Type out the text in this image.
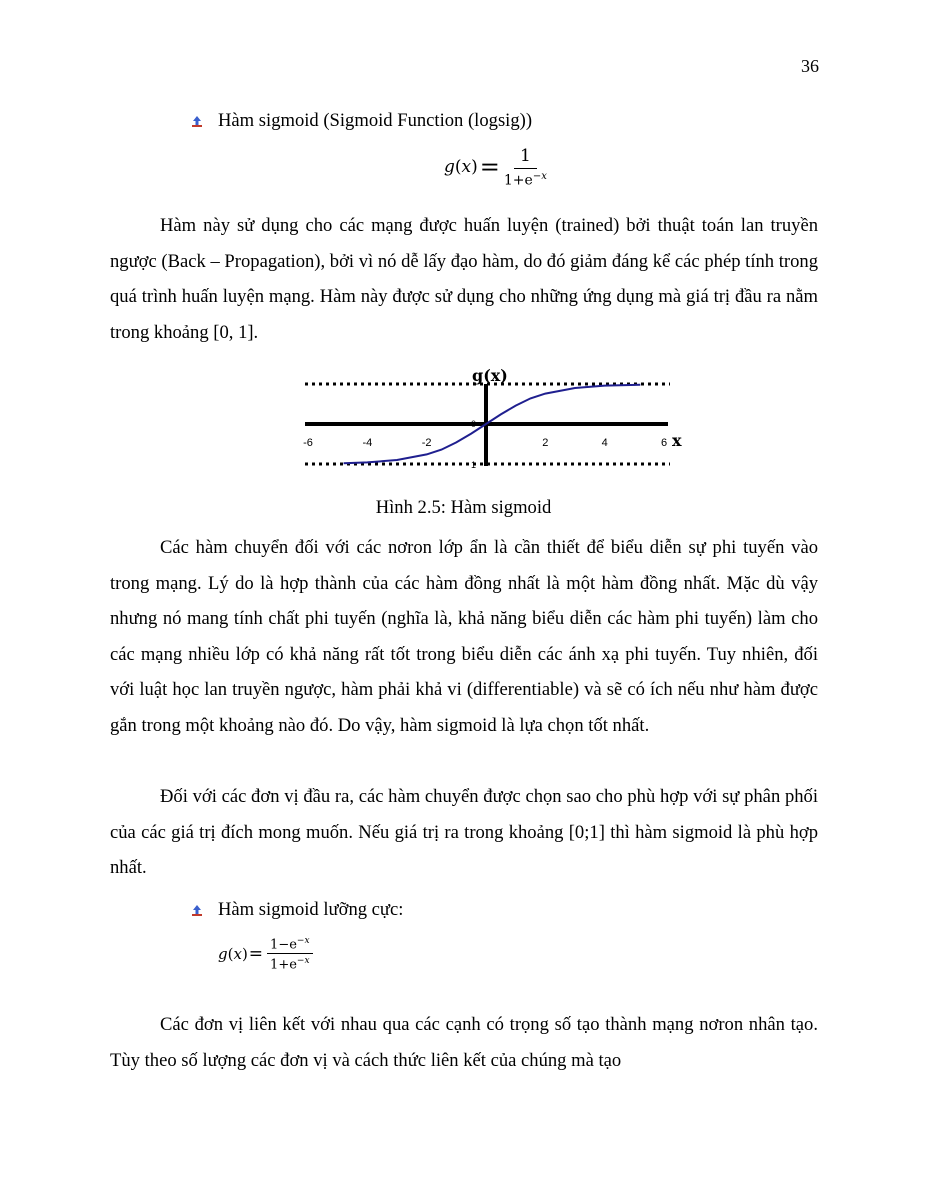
36
Hàm sigmoid (Sigmoid Function (logsig))
g ( x ) = $\frac{1}{1+e^{-x}}$
Hàm này sử dụng cho các mạng được huấn luyện (trained) bởi thuật toán lan truyền ngược (Back – Propagation), bởi vì nó dễ lấy đạo hàm, do đó giảm đáng kể các phép tính trong quá trình huấn luyện mạng. Hàm này được sử dụng cho những ứng dụng mà giá trị đầu ra nằm trong khoảng [0, 1].
-6	-4	-2	2	4	6
0
1
g(x)
x
Hình 2.5: Hàm sigmoid
Các hàm chuyển đối với các nơron lớp ẩn là cần thiết để biểu diễn sự phi tuyến vào trong mạng. Lý do là hợp thành của các hàm đồng nhất là một hàm đồng nhất. Mặc dù vậy nhưng nó mang tính chất phi tuyến (nghĩa là, khả năng biểu diễn các hàm phi tuyến) làm cho các mạng nhiều lớp có khả năng rất tốt trong biểu diễn các ánh xạ phi tuyến. Tuy nhiên, đối với luật học lan truyền ngược, hàm phải khả vi (differentiable) và sẽ có ích nếu như hàm được gắn trong một khoảng nào đó. Do vậy, hàm sigmoid là lựa chọn tốt nhất.
Đối với các đơn vị đầu ra, các hàm chuyển được chọn sao cho phù hợp với sự phân phối của các giá trị đích mong muốn. Nếu giá trị ra trong khoảng [0;1] thì hàm sigmoid là phù hợp nhất.
Hàm sigmoid lưỡng cực:
g ( x ) = $\frac{1-e^{-x}}{1+e^{-x}}$
Các đơn vị liên kết với nhau qua các cạnh có trọng số tạo thành mạng nơron nhân tạo. Tùy theo số lượng các đơn vị và cách thức liên kết của chúng mà tạo
